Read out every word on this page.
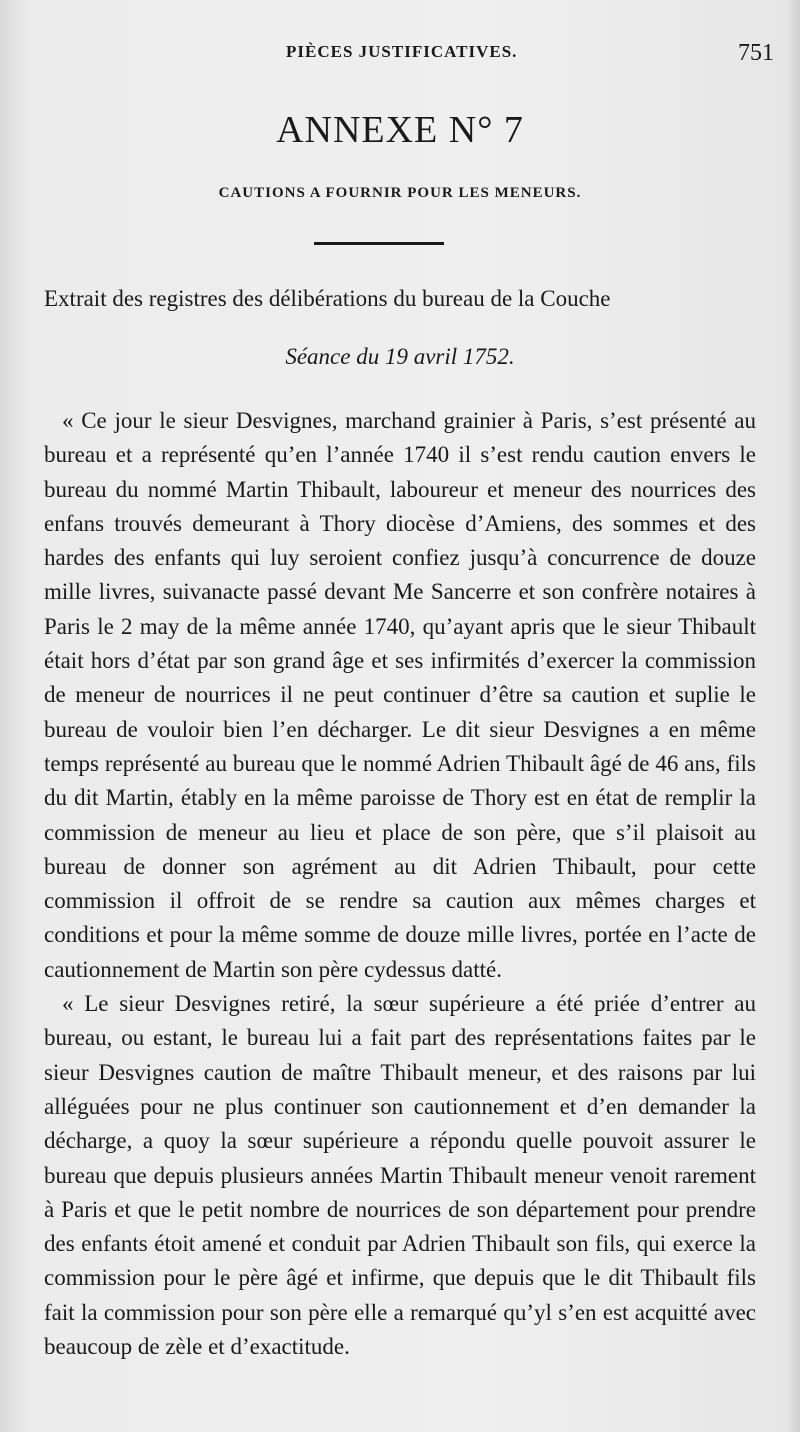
PIÈCES JUSTIFICATIVES.	751
ANNEXE N° 7
CAUTIONS A FOURNIR POUR LES MENEURS.
Extrait des registres des délibérations du bureau de la Couche
Séance du 19 avril 1752.

« Ce jour le sieur Desvignes, marchand grainier à Paris, s’est présenté au bureau et a représenté qu’en l’année 1740 il s’est rendu caution envers le bureau du nommé Martin Thibault, laboureur et meneur des nourrices des enfans trouvés demeurant à Thory diocèse d’Amiens, des sommes et des hardes des enfants qui luy seroient confiez jusqu’à concurrence de douze mille livres, suivanacte passé devant Me Sancerre et son confrère notaires à Paris le 2 may de la même année 1740, qu’ayant apris que le sieur Thibault était hors d’état par son grand âge et ses infirmités d’exercer la commission de meneur de nourrices il ne peut continuer d’être sa caution et suplie le bureau de vouloir bien l’en décharger. Le dit sieur Desvignes a en même temps représenté au bureau que le nommé Adrien Thibault âgé de 46 ans, fils du dit Martin, étably en la même paroisse de Thory est en état de remplir la commission de meneur au lieu et place de son père, que s’il plaisoit au bureau de donner son agrément au dit Adrien Thibault, pour cette commission il offroit de se rendre sa caution aux mêmes charges et conditions et pour la même somme de douze mille livres, portée en l’acte de cautionnement de Martin son père cydessus datté.

« Le sieur Desvignes retiré, la sœur supérieure a été priée d’entrer au bureau, ou estant, le bureau lui a fait part des représentations faites par le sieur Desvignes caution de maître Thibault meneur, et des raisons par lui alléguées pour ne plus continuer son cautionnement et d’en demander la décharge, a quoy la sœur supérieure a répondu quelle pouvoit assurer le bureau que depuis plusieurs années Martin Thibault meneur venoit rarement à Paris et que le petit nombre de nourrices de son département pour prendre des enfants étoit amené et conduit par Adrien Thibault son fils, qui exerce la commission pour le père âgé et infirme, que depuis que le dit Thibault fils fait la commission pour son père elle a remarqué qu’yl s’en est acquitté avec beaucoup de zèle et d’exactitude.
